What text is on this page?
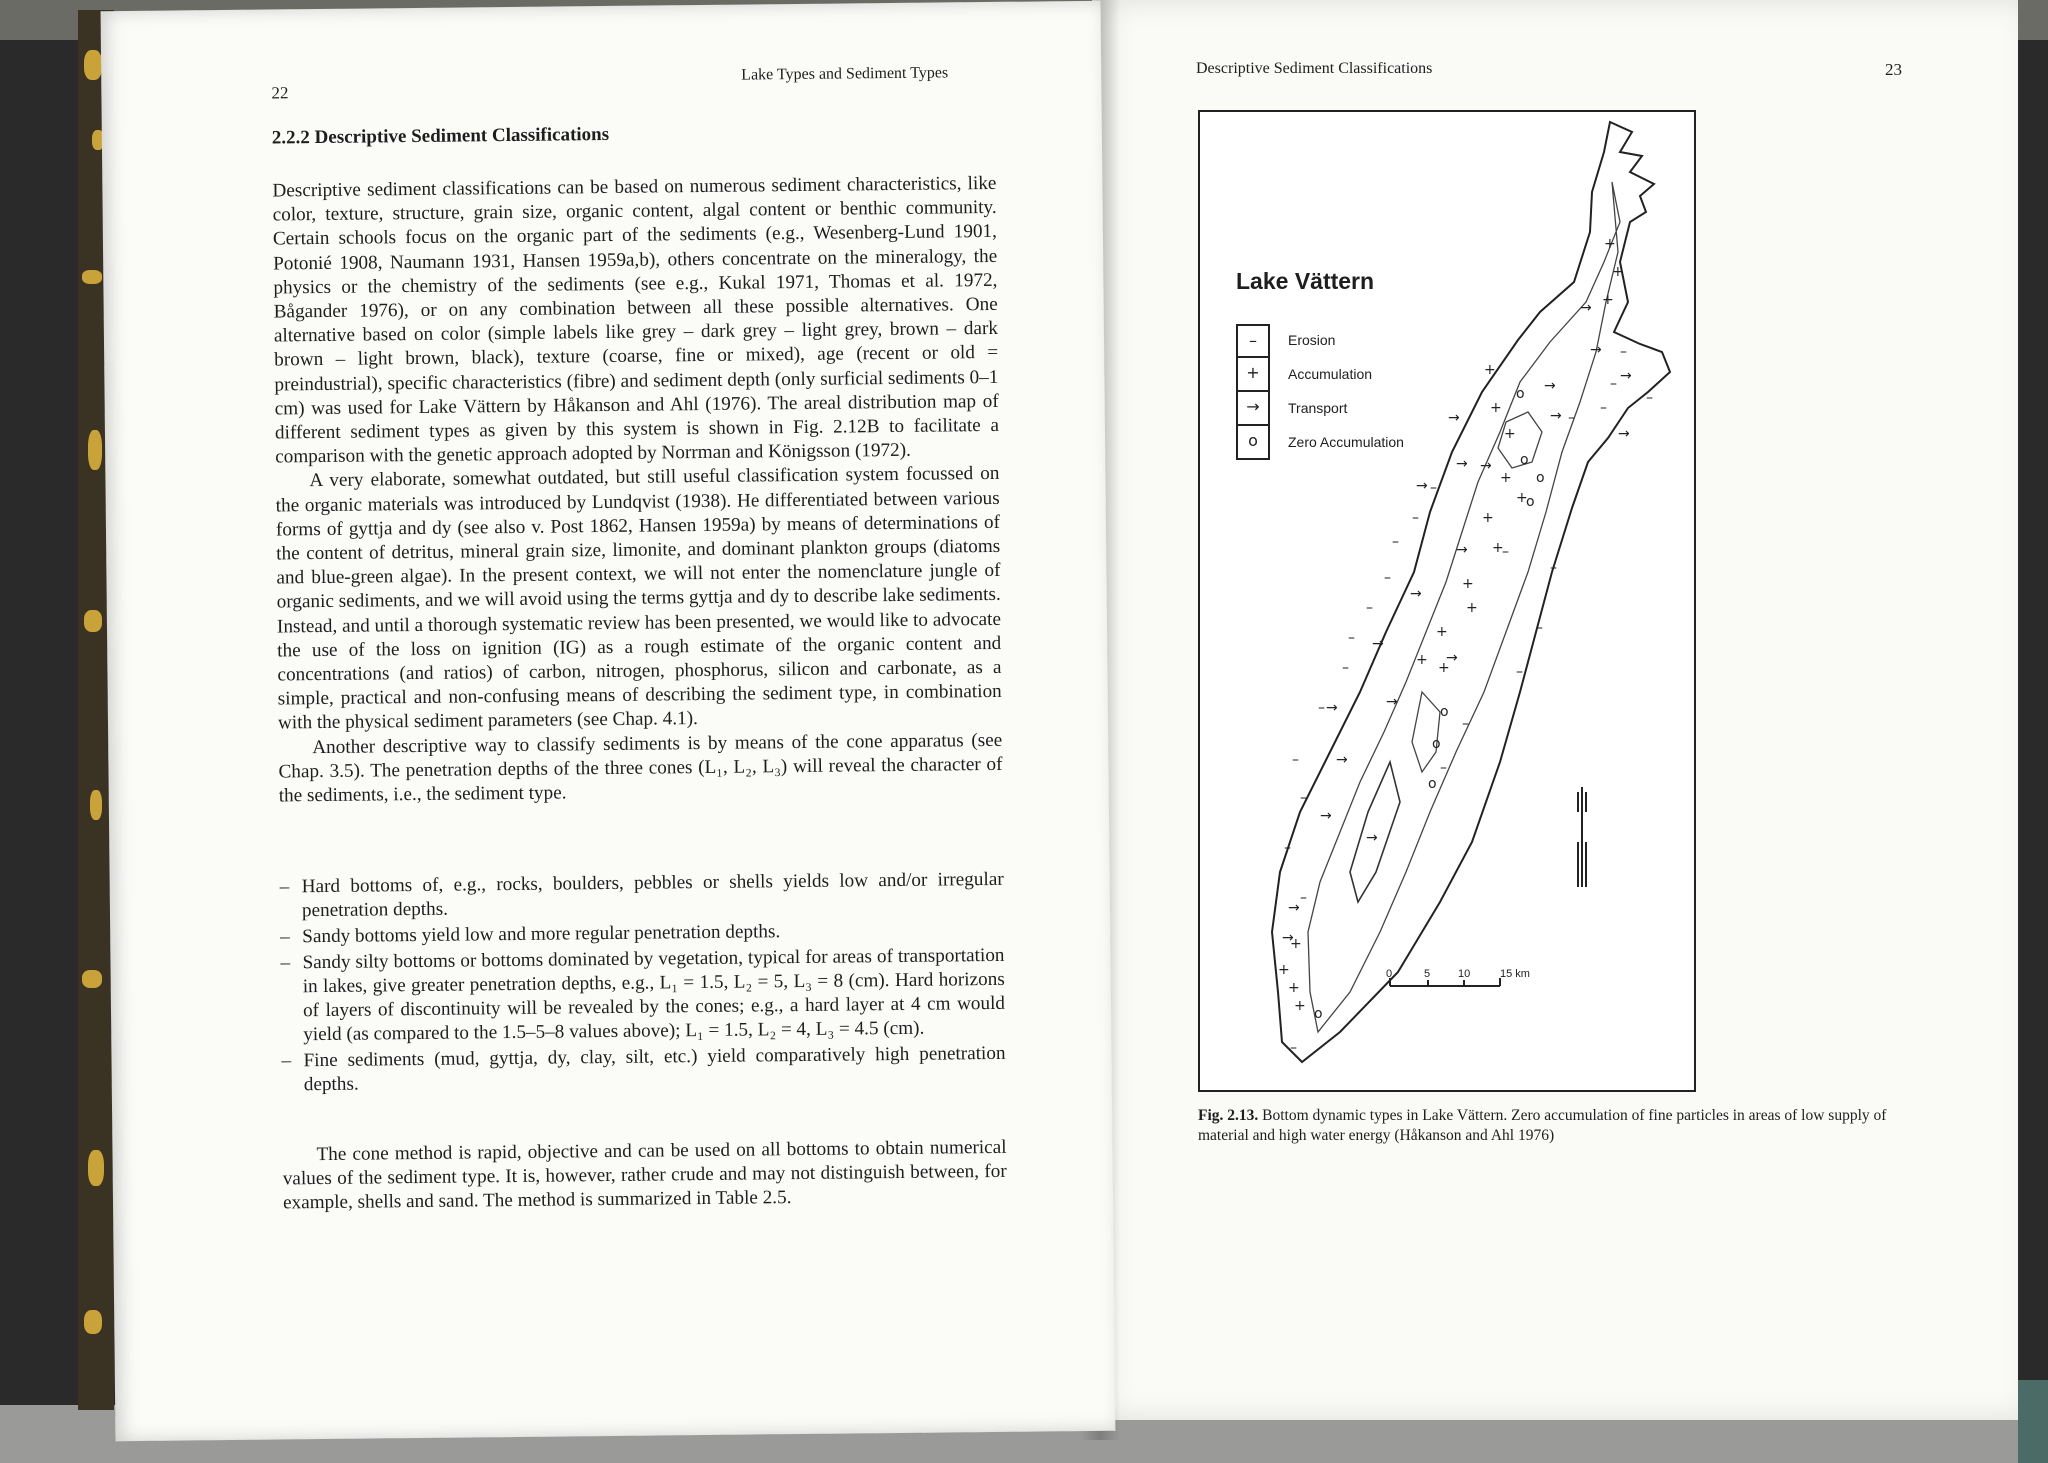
Descriptive Sediment Classifications	23
+
+
+
+
+
+
+
+
+
+
+
+
+
+ +
+
+
+
+
–
–
–
–
–
–
–
–
–
–
–
–
–
–
–
–
–
–
–
–
–
–
–
–
o
o
o
o
o
o
o
o
→
→
→
→
→
→
→
→ →
→
→
→
→
→
→
→
→
→
→
→
→
Lake Vättern
–	Erosion
+	Accumulation
→	Transport
o	Zero Accumulation
0	5	10	15 km
Fig. 2.13. Bottom dynamic types in Lake Vättern. Zero accumulation of fine particles in areas of low supply of material and high water energy (Håkanson and Ahl 1976)
22
Lake Types and Sediment Types
2.2.2 Descriptive Sediment Classifications

Descriptive sediment classifications can be based on numerous sediment characteristics, like color, texture, structure, grain size, organic content, algal content or benthic community. Certain schools focus on the organic part of the sediments (e.g., Wesenberg-Lund 1901, Potonié 1908, Naumann 1931, Hansen 1959a,b), others concentrate on the mineralogy, the physics or the chemistry of the sediments (see e.g., Kukal 1971, Thomas et al. 1972, Bågander 1976), or on any combination between all these possible alternatives. One alternative based on color (simple labels like grey – dark grey – light grey, brown – dark brown – light brown, black), texture (coarse, fine or mixed), age (recent or old = preindustrial), specific characteristics (fibre) and sediment depth (only surficial sediments 0–1 cm) was used for Lake Vättern by Håkanson and Ahl (1976). The areal distribution map of different sediment types as given by this system is shown in Fig. 2.12B to facilitate a comparison with the genetic approach adopted by Norrman and Königsson (1972).

A very elaborate, somewhat outdated, but still useful classification system focussed on the organic materials was introduced by Lundqvist (1938). He differentiated between various forms of gyttja and dy (see also v. Post 1862, Hansen 1959a) by means of determinations of the content of detritus, mineral grain size, limonite, and dominant plankton groups (diatoms and blue-green algae). In the present context, we will not enter the nomenclature jungle of organic sediments, and we will avoid using the terms gyttja and dy to describe lake sediments. Instead, and until a thorough systematic review has been presented, we would like to advocate the use of the loss on ignition (IG) as a rough estimate of the organic content and concentrations (and ratios) of carbon, nitrogen, phosphorus, silicon and carbonate, as a simple, practical and non-confusing means of describing the sediment type, in combination with the physical sediment parameters (see Chap. 4.1).

Another descriptive way to classify sediments is by means of the cone apparatus (see Chap. 3.5). The penetration depths of the three cones (L₁, L₂, L₃) will reveal the character of the sediments, i.e., the sediment type.

– Hard bottoms of, e.g., rocks, boulders, pebbles or shells yields low and/or irregular penetration depths.
– Sandy bottoms yield low and more regular penetration depths.
– Sandy silty bottoms or bottoms dominated by vegetation, typical for areas of transportation in lakes, give greater penetration depths, e.g., L₁ = 1.5, L₂ = 5, L₃ = 8 (cm). Hard horizons of layers of discontinuity will be revealed by the cones; e.g., a hard layer at 4 cm would yield (as compared to the 1.5–5–8 values above); L₁ = 1.5, L₂ = 4, L₃ = 4.5 (cm).
– Fine sediments (mud, gyttja, dy, clay, silt, etc.) yield comparatively high penetration depths.

The cone method is rapid, objective and can be used on all bottoms to obtain numerical values of the sediment type. It is, however, rather crude and may not distinguish between, for example, shells and sand. The method is summarized in Table 2.5.
